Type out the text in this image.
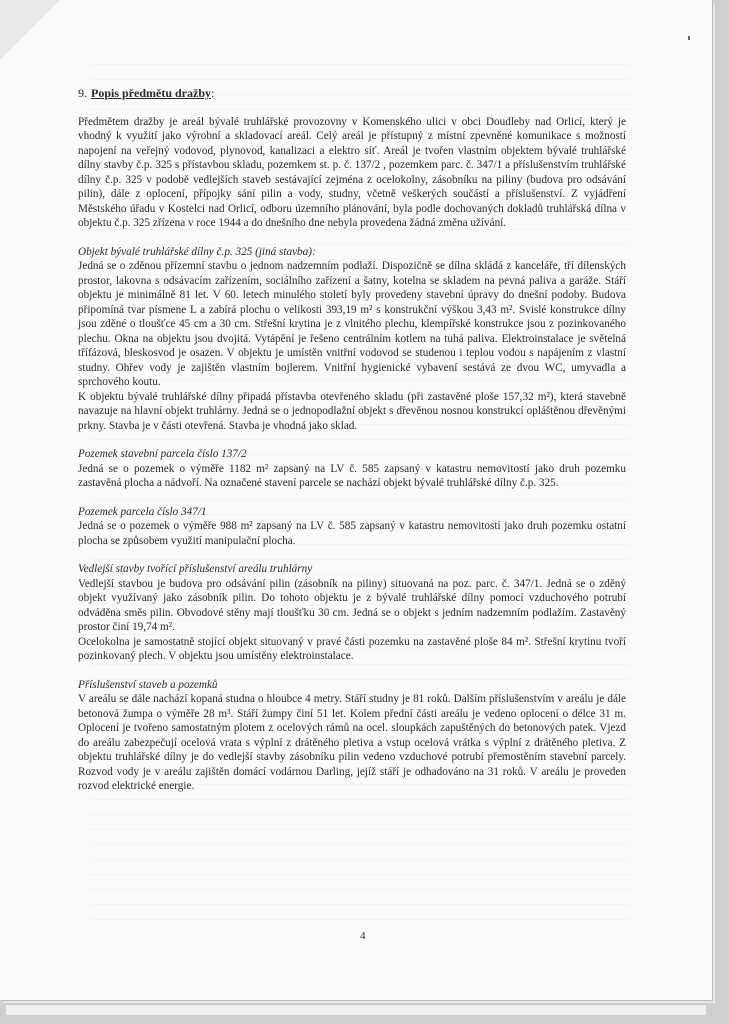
9. Popis předmětu dražby:

Předmětem dražby je areál bývalé truhlářské provozovny v Komenského ulici v obci Doudleby nad Orlicí, který je vhodný k využití jako výrobní a skladovací areál. Celý areál je přístupný z místní zpevněné komunikace s možností napojení na veřejný vodovod, plynovod, kanalizaci a elektro síť. Areál je tvořen vlastním objektem bývalé truhlářské dílny stavby č.p. 325 s přístavbou skladu, pozemkem st. p. č. 137/2 , pozemkem parc. č. 347/1 a příslušenstvím truhlářské dílny č.p. 325 v podobě vedlejších staveb sestávající zejména z ocelokolny, zásobníku na piliny (budova pro odsávání pilin), dále z oplocení, přípojky sání pilin a vody, studny, včetně veškerých součástí a příslušenství. Z vyjádření Městského úřadu v Kostelci nad Orlicí, odboru územního plánování, byla podle dochovaných dokladů truhlářská dílna v objektu č.p. 325 zřízena v roce 1944 a do dnešního dne nebyla provedena žádná změna užívání.

Objekt bývalé truhlářské dílny č.p. 325 (jiná stavba):

Jedná se o zděnou přízemní stavbu o jednom nadzemním podlaží. Dispozičně se dílna skládá z kanceláře, tří dílenských prostor, lakovna s odsávacím zařízením, sociálního zařízení a šatny, kotelna se skladem na pevná paliva a garáže. Stáří objektu je minimálně 81 let. V 60. letech minulého století byly provedeny stavební úpravy do dnešní podoby. Budova připomíná tvar písmene L a zabírá plochu o velikosti 393,19 m² s konstrukční výškou 3,43 m². Svislé konstrukce dílny jsou zděné o tloušťce 45 cm a 30 cm. Střešní krytina je z vlnitého plechu, klempířské konstrukce jsou z pozinkovaného plechu. Okna na objektu jsou dvojitá. Vytápění je řešeno centrálním kotlem na tuhá paliva. Elektroinstalace je světelná třífázová, bleskosvod je osazen. V objektu je umístěn vnitřní vodovod se studenou i teplou vodou s napájením z vlastní studny. Ohřev vody je zajištěn vlastním bojlerem. Vnitřní hygienické vybavení sestává ze dvou WC, umyvadla a sprchového koutu.

K objektu bývalé truhlářské dílny připadá přístavba otevřeného skladu (při zastavěné ploše 157,32 m²), která stavebně navazuje na hlavní objekt truhlárny. Jedná se o jednopodlažní objekt s dřevěnou nosnou konstrukcí opláštěnou dřevěnými prkny. Stavba je v části otevřená. Stavba je vhodná jako sklad.

Pozemek stavební parcela číslo 137/2

Jedná se o pozemek o výměře 1182 m² zapsaný na LV č. 585 zapsaný v katastru nemovitostí jako druh pozemku zastavěná plocha a nádvoří. Na označené stavení parcele se nachází objekt bývalé truhlářské dílny č.p. 325.

Pozemek parcela číslo 347/1

Jedná se o pozemek o výměře 988 m² zapsaný na LV č. 585 zapsaný v katastru nemovitostí jako druh pozemku ostatní plocha se způsobem využití manipulační plocha.

Vedlejší stavby tvořící příslušenství areálu truhlárny

Vedlejší stavbou je budova pro odsávání pilin (zásobník na piliny) situovaná na poz. parc. č. 347/1. Jedná se o zděný objekt využívaný jako zásobník pilin. Do tohoto objektu je z bývalé truhlářské dílny pomocí vzduchového potrubí odváděna směs pilin. Obvodové stěny mají tloušťku 30 cm. Jedná se o objekt s jedním nadzemním podlažím. Zastavěný prostor činí 19,74 m².

Ocelokolna je samostatně stojící objekt situovaný v pravé části pozemku na zastavěné ploše 84 m². Střešní krytinu tvoří pozinkovaný plech. V objektu jsou umístěny elektroinstalace.

Příslušenství staveb a pozemků

V areálu se dále nachází kopaná studna o hloubce 4 metry. Stáří studny je 81 roků. Dalším příslušenstvím v areálu je dále betonová žumpa o výměře 28 m³. Stáří žumpy činí 51 let. Kolem přední části areálu je vedeno oplocení o délce 31 m. Oplocení je tvořeno samostatným plotem z ocelových rámů na ocel. sloupkách zapuštěných do betonových patek. Vjezd do areálu zabezpečují ocelová vrata s výplní z drátěného pletiva a vstup ocelová vrátka s výplní z drátěného pletiva. Z objektu truhlářské dílny je do vedlejší stavby zásobníku pilin vedeno vzduchové potrubí přemostěním stavební parcely. Rozvod vody je v areálu zajištěn domácí vodárnou Darling, jejíž stáří je odhadováno na 31 roků. V areálu je proveden rozvod elektrické energie.

4
